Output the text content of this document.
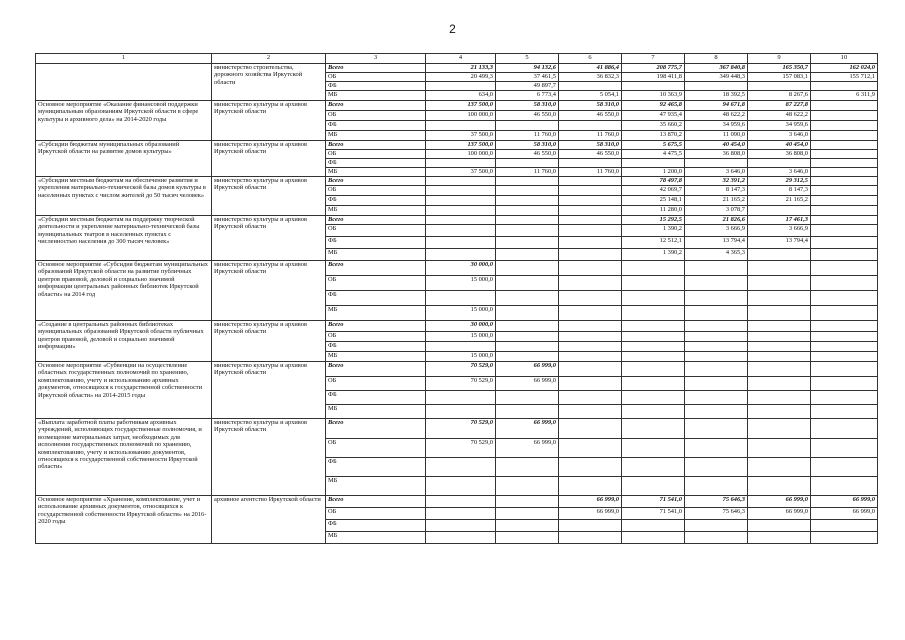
2
1	2	3	4	5	6	7	8	9	10
	министерство строительства, дорожного хозяйства Иркутской области	Всего	21 133,3	94 132,6	41 886,4	208 775,7	367 840,8	165 350,7	162 024,0
		ОБ	20 499,3	37 461,5	36 832,3	198 411,8	349 448,3	157 083,1	155 712,1
		ФБ		49 897,7					
		МБ	634,0	6 773,4	5 054,1	10 363,9	18 392,5	8 267,6	6 311,9
Основное мероприятие «Оказание финансовой поддержки муниципальным образованиям Иркутской области в сфере культуры и архивного дела» на 2014-2020 годы	министерство культуры и архивов Иркутской области	Всего	137 500,0	58 310,0	58 310,0	92 465,8	94 671,8	87 227,8	
		ОБ	100 000,0	46 550,0	46 550,0	47 935,4	48 622,2	48 622,2	
		ФБ				35 660,2	34 959,6	34 959,6	
		МБ	37 500,0	11 760,0	11 760,0	13 870,2	11 090,0	3 646,0	
«Субсидии бюджетам муниципальных образований Иркутской области на развитие домов культуры»	министерство культуры и архивов Иркутской области	Всего	137 500,0	58 310,0	58 310,0	5 675,5	40 454,0	40 454,0	
		ОБ	100 000,0	46 550,0	46 550,0	4 475,5	36 808,0	36 808,0	
		ФБ							
		МБ	37 500,0	11 760,0	11 760,0	1 200,0	3 646,0	3 646,0	
«Субсидии местным бюджетам на обеспечение развития и укрепления материально-технической базы домов культуры в населенных пунктах с числом жителей до 50 тысяч человек»	министерство культуры и архивов Иркутской области	Всего				78 497,8	32 391,2	29 312,5	
		ОБ				42 069,7	8 147,3	8 147,3	
		ФБ				25 148,1	21 165,2	21 165,2	
		МБ				11 280,0	3 078,7		
«Субсидии местным бюджетам на поддержку творческой деятельности и укрепление материально-технической базы муниципальных театров в населенных пунктах с численностью населения до 300 тысяч человек»	министерство культуры и архивов Иркутской области	Всего				15 292,5	21 826,6	17 461,3	
		ОБ				1 390,2	3 666,9	3 666,9	
		ФБ				12 512,1	13 794,4	13 794,4	
		МБ				1 390,2	4 365,3		
Основное мероприятие «Субсидия бюджетам муниципальных образований Иркутской области на развитие публичных центров правовой, деловой и социально значимой информации центральных районных библиотек Иркутской области» на 2014 год	министерство культуры и архивов Иркутской области	Всего	30 000,0						
		ОБ	15 000,0						
		ФБ							
		МБ	15 000,0						
«Создание в центральных районных библиотеках муниципальных образований Иркутской области публичных центров правовой, деловой и социально значимой информации»	министерство культуры и архивов Иркутской области	Всего	30 000,0						
		ОБ	15 000,0						
		ФБ							
		МБ	15 000,0						
Основное мероприятие «Субвенции на осуществление областных государственных полномочий по хранению, комплектованию, учету и использованию архивных документов, относящихся к государственной собственности Иркутской области» на 2014-2015 годы	министерство культуры и архивов Иркутской области	Всего	70 529,0	66 999,0					
		ОБ	70 529,0	66 999,0					
		ФБ							
		МБ							
«Выплата заработной платы работникам архивных учреждений, исполняющих государственные полномочия, и возмещение материальных затрат, необходимых для исполнения государственных полномочий по хранению, комплектованию, учету и использованию документов, относящихся к государственной собственности Иркутской области»	министерство культуры и архивов Иркутской области	Всего	70 529,0	66 999,0					
		ОБ	70 529,0	66 999,0					
		ФБ							
		МБ							
Основное мероприятие «Хранение, комплектование, учет и использование архивных документов, относящихся к государственной собственности Иркутской области» на 2016-2020 годы	архивное агентство Иркутской области	Всего			66 999,0	71 541,0	75 646,3	66 999,0	66 999,0
		ОБ			66 999,0	71 541,0	75 646,3	66 999,0	66 999,0
		ФБ							
		МБ							
